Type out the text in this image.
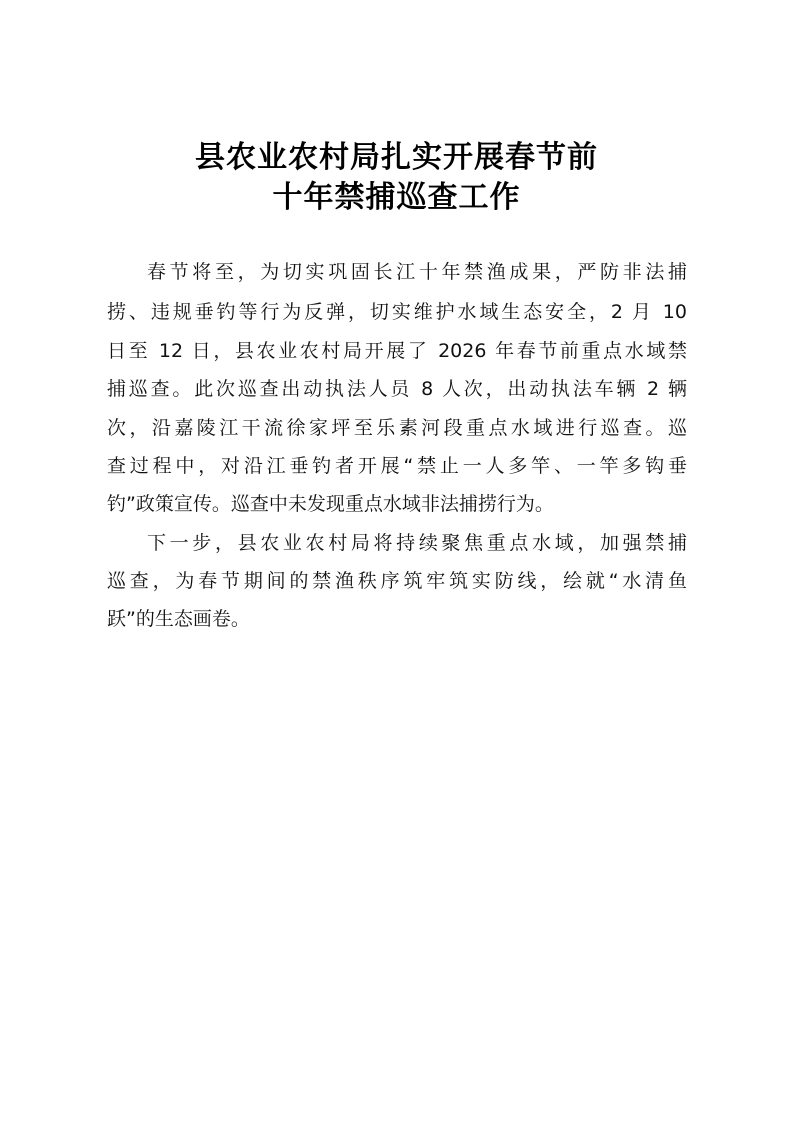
县农业农村局扎实开展春节前
十年禁捕巡查工作
春节将至，为切实巩固长江十年禁渔成果，严防非法捕
捞、违规垂钓等行为反弹，切实维护水域生态安全，2 月 10
日至 12 日，县农业农村局开展了 2026 年春节前重点水域禁
捕巡查。此次巡查出动执法人员 8 人次，出动执法车辆 2 辆
次，沿嘉陵江干流徐家坪至乐素河段重点水域进行巡查。巡
查过程中，对沿江垂钓者开展“禁止一人多竿、一竿多钩垂
钓”政策宣传。巡查中未发现重点水域非法捕捞行为。
下一步，县农业农村局将持续聚焦重点水域，加强禁捕
巡查，为春节期间的禁渔秩序筑牢筑实防线，绘就“水清鱼
跃”的生态画卷。
